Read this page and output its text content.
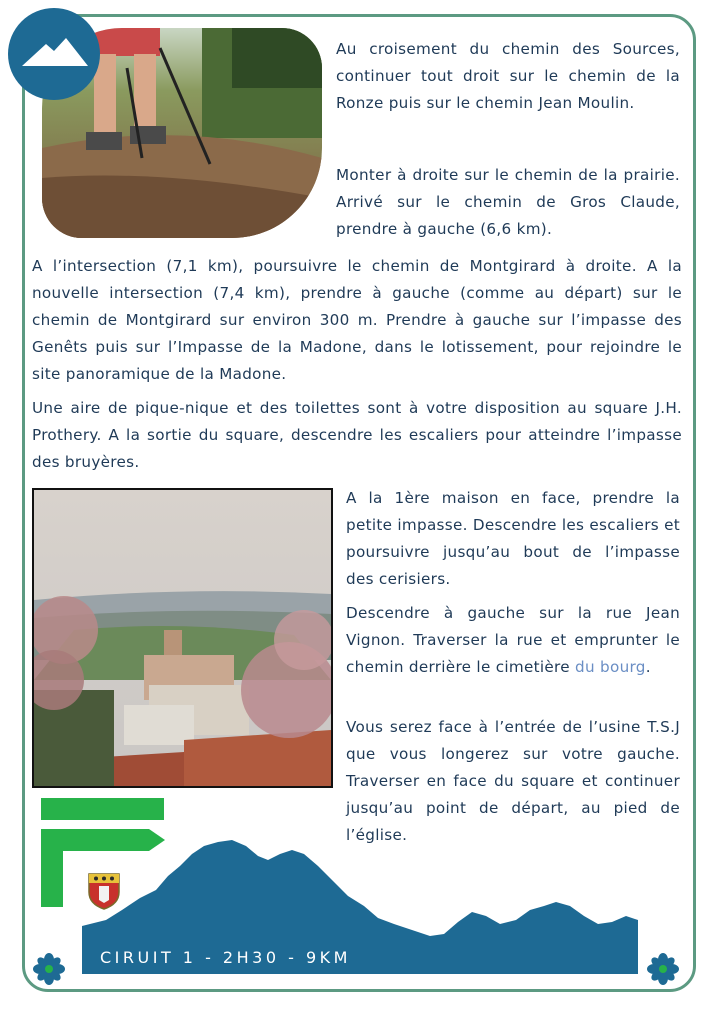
Au croisement du chemin des Sources, continuer tout droit sur le chemin de la Ronze puis sur le chemin Jean Moulin.

Monter à droite sur le chemin de la prairie. Arrivé sur le chemin de Gros Claude, prendre à gauche (6,6 km).

A l’intersection (7,1 km), poursuivre le chemin de Montgirard à droite. A la nouvelle intersection (7,4 km), prendre à gauche (comme au départ) sur le chemin de Montgirard sur environ 300 m. Prendre à gauche sur l’impasse des Genêts puis sur l’Impasse de la Madone, dans le lotissement, pour rejoindre le site panoramique de la Madone.

Une aire de pique-nique et des toilettes sont à votre disposition au square J.H. Prothery. A la sortie du square, descendre les escaliers pour atteindre l’impasse des bruyères.

A la 1ère maison en face, prendre la petite impasse. Descendre les escaliers et poursuivre jusqu’au bout de l’impasse des cerisiers.

Descendre à gauche sur la rue Jean Vignon. Traverser la rue et emprunter le chemin derrière le cimetière du bourg.

Vous serez face à l’entrée de l’usine T.S.J que vous longerez sur votre gauche. Traverser en face du square et continuer jusqu’au point de départ, au pied de l’église.

CIRUIT 1 - 2H30 - 9KM
